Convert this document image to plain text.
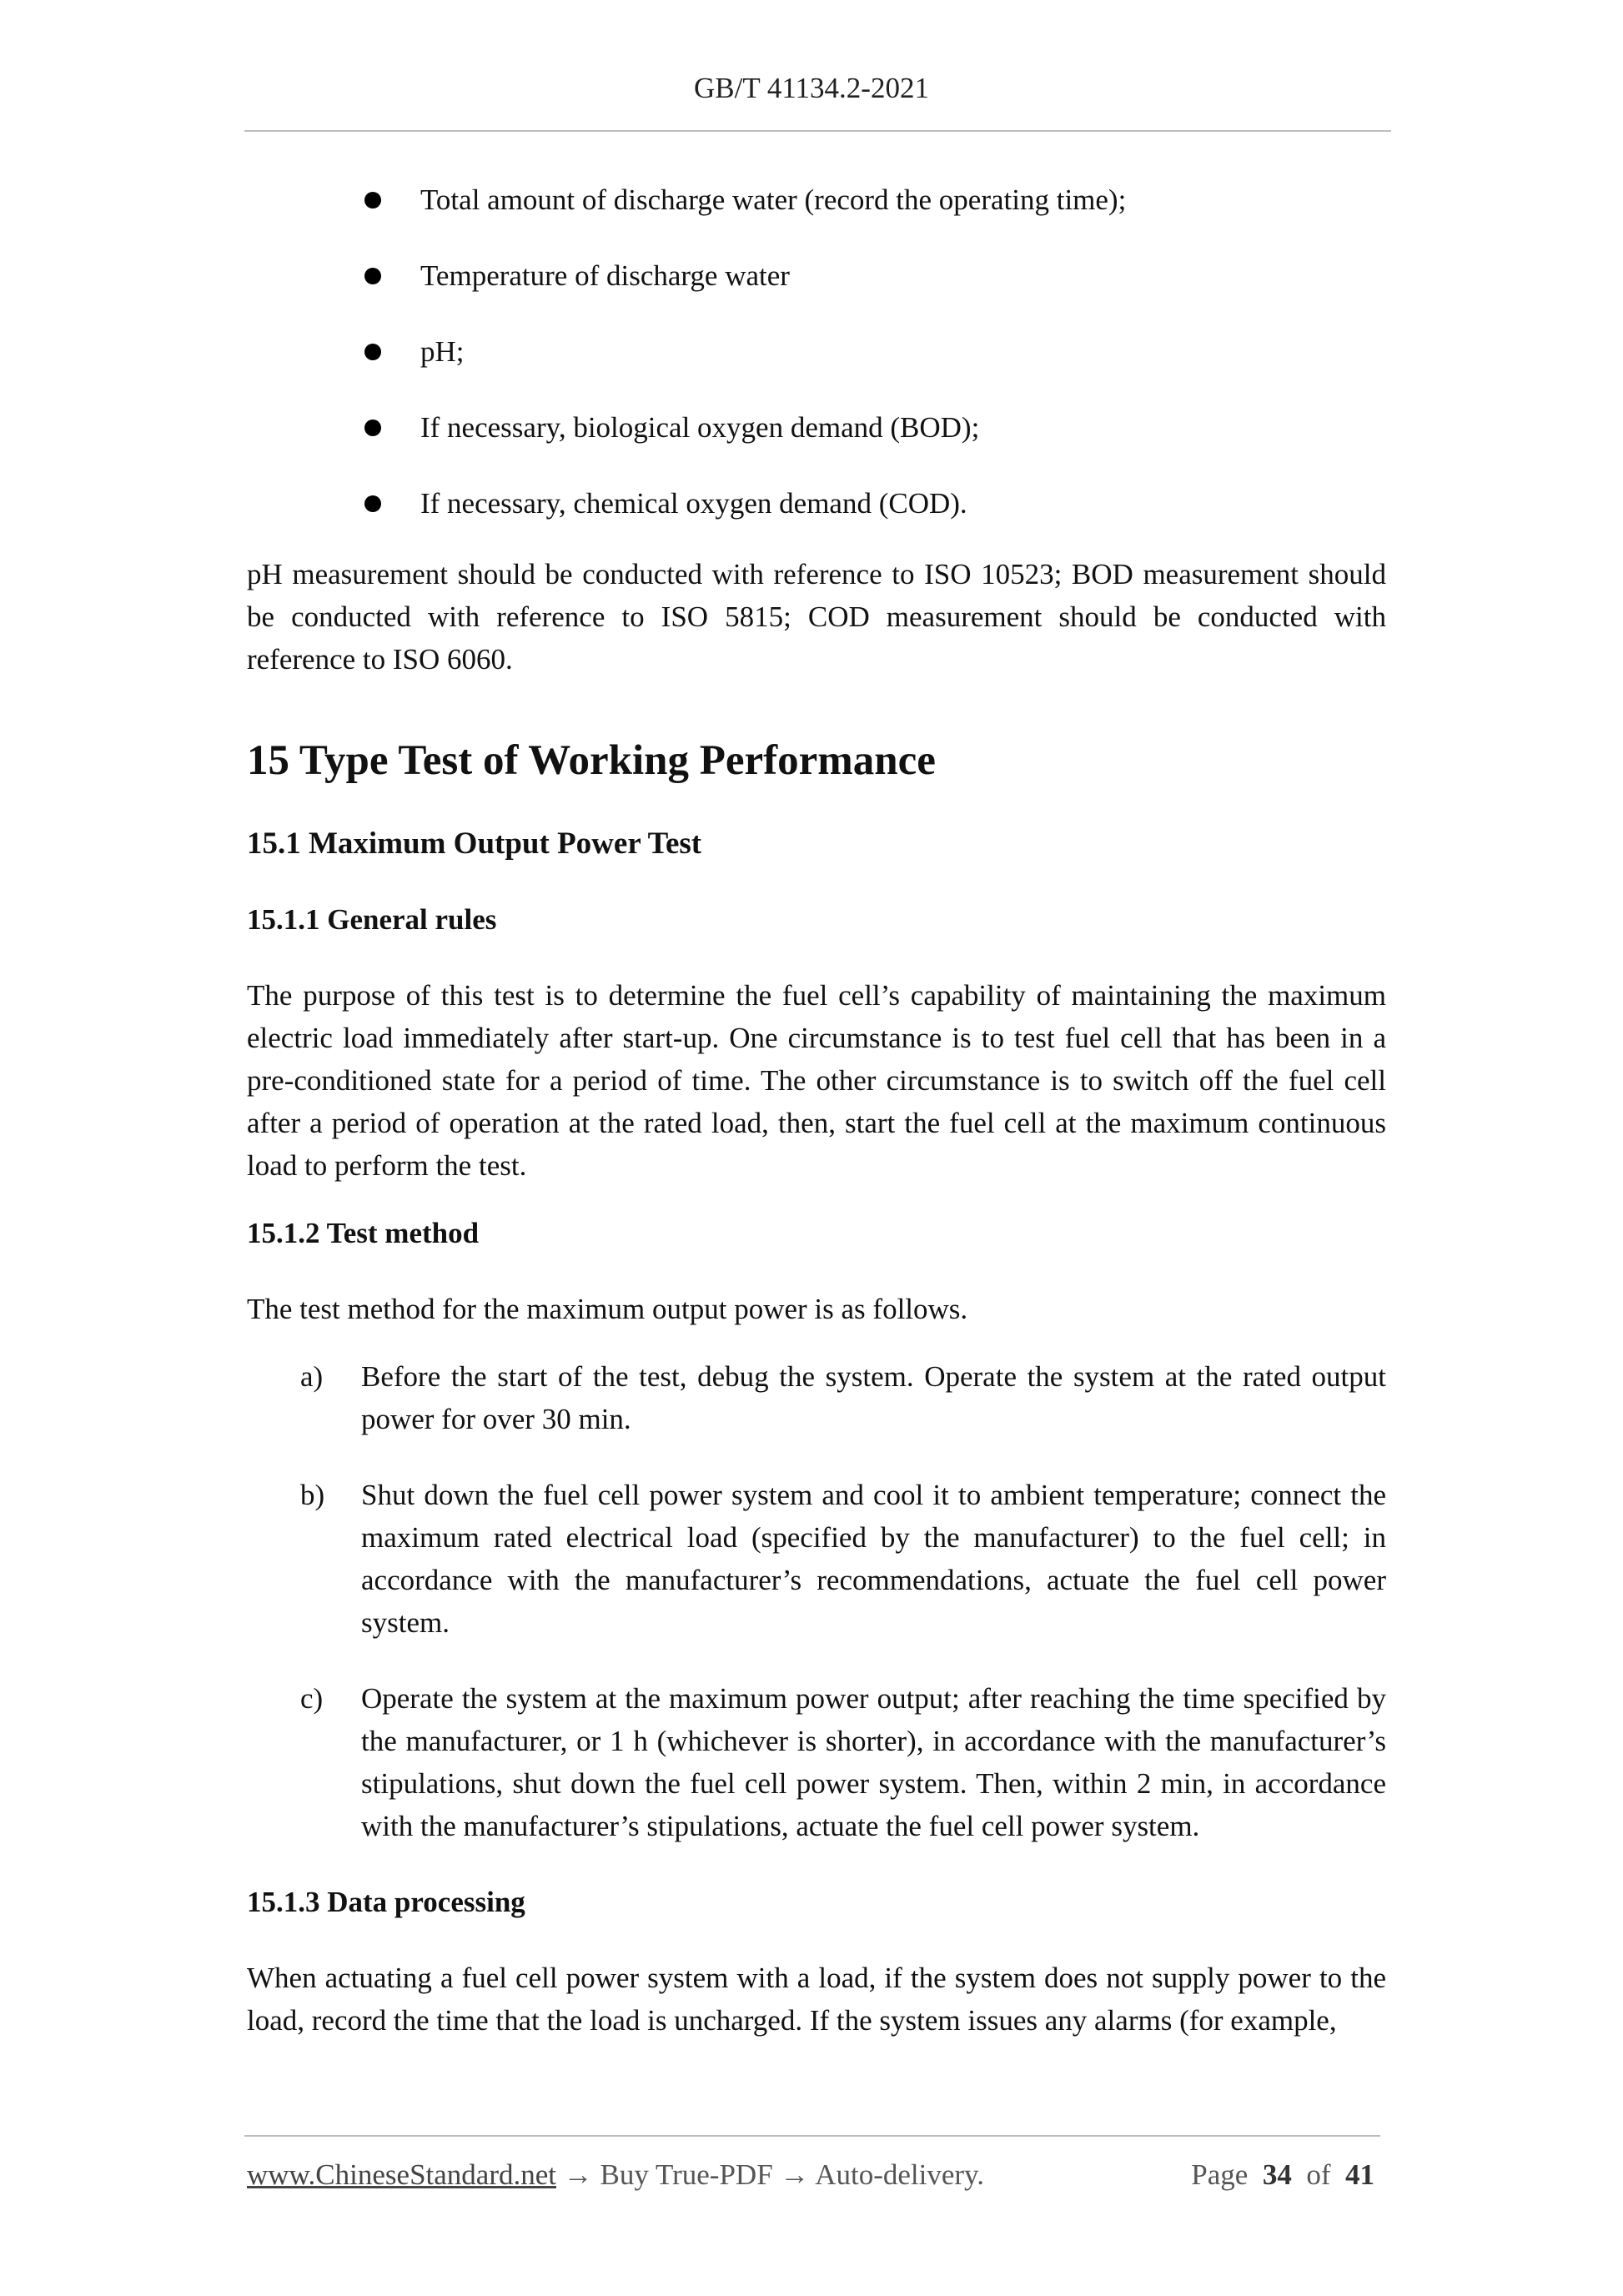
GB/T 41134.2-2021
Total amount of discharge water (record the operating time);
Temperature of discharge water
pH;
If necessary, biological oxygen demand (BOD);
If necessary, chemical oxygen demand (COD).

pH measurement should be conducted with reference to ISO 10523; BOD measurement should be conducted with reference to ISO 5815; COD measurement should be conducted with reference to ISO 6060.

15 Type Test of Working Performance
15.1 Maximum Output Power Test
15.1.1 General rules

The purpose of this test is to determine the fuel cell’s capability of maintaining the maximum electric load immediately after start-up. One circumstance is to test fuel cell that has been in a pre-conditioned state for a period of time. The other circumstance is to switch off the fuel cell after a period of operation at the rated load, then, start the fuel cell at the maximum continuous load to perform the test.

15.1.2 Test method

The test method for the maximum output power is as follows.

a) Before the start of the test, debug the system. Operate the system at the rated output power for over 30 min.
b) Shut down the fuel cell power system and cool it to ambient temperature; connect the maximum rated electrical load (specified by the manufacturer) to the fuel cell; in accordance with the manufacturer’s recommendations, actuate the fuel cell power system.
c) Operate the system at the maximum power output; after reaching the time specified by the manufacturer, or 1 h (whichever is shorter), in accordance with the manufacturer’s stipulations, shut down the fuel cell power system. Then, within 2 min, in accordance with the manufacturer’s stipulations, actuate the fuel cell power system.
15.1.3 Data processing

When actuating a fuel cell power system with a load, if the system does not supply power to the load, record the time that the load is uncharged. If the system issues any alarms (for example,

www.ChineseStandard.net → Buy True-PDF → Auto-delivery.	Page 34 of 41
